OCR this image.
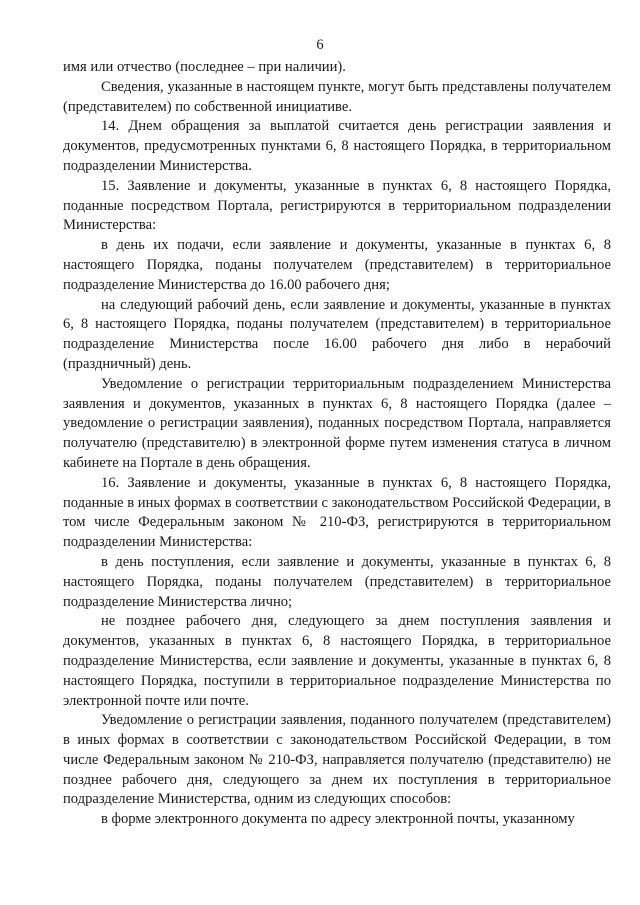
6

имя или отчество (последнее – при наличии).

Сведения, указанные в настоящем пункте, могут быть представлены получателем (представителем) по собственной инициативе.

14. Днем обращения за выплатой считается день регистрации заявления и документов, предусмотренных пунктами 6, 8 настоящего Порядка, в территориальном подразделении Министерства.

15. Заявление и документы, указанные в пунктах 6, 8 настоящего Порядка, поданные посредством Портала, регистрируются в территориальном подразделении Министерства:

в день их подачи, если заявление и документы, указанные в пунктах 6, 8 настоящего Порядка, поданы получателем (представителем) в территориальное подразделение Министерства до 16.00 рабочего дня;

на следующий рабочий день, если заявление и документы, указанные в пунктах 6, 8 настоящего Порядка, поданы получателем (представителем) в территориальное подразделение Министерства после 16.00 рабочего дня либо в нерабочий (праздничный) день.

Уведомление о регистрации территориальным подразделением Министерства заявления и документов, указанных в пунктах 6, 8 настоящего Порядка (далее – уведомление о регистрации заявления), поданных посредством Портала, направляется получателю (представителю) в электронной форме путем изменения статуса в личном кабинете на Портале в день обращения.

16. Заявление и документы, указанные в пунктах 6, 8 настоящего Порядка, поданные в иных формах в соответствии с законодательством Российской Федерации, в том числе Федеральным законом № 210-ФЗ, регистрируются в территориальном подразделении Министерства:

в день поступления, если заявление и документы, указанные в пунктах 6, 8 настоящего Порядка, поданы получателем (представителем) в территориальное подразделение Министерства лично;

не позднее рабочего дня, следующего за днем поступления заявления и документов, указанных в пунктах 6, 8 настоящего Порядка, в территориальное подразделение Министерства, если заявление и документы, указанные в пунктах 6, 8 настоящего Порядка, поступили в территориальное подразделение Министерства по электронной почте или почте.

Уведомление о регистрации заявления, поданного получателем (представителем) в иных формах в соответствии с законодательством Российской Федерации, в том числе Федеральным законом № 210-ФЗ, направляется получателю (представителю) не позднее рабочего дня, следующего за днем их поступления в территориальное подразделение Министерства, одним из следующих способов:

в форме электронного документа по адресу электронной почты, указанному
